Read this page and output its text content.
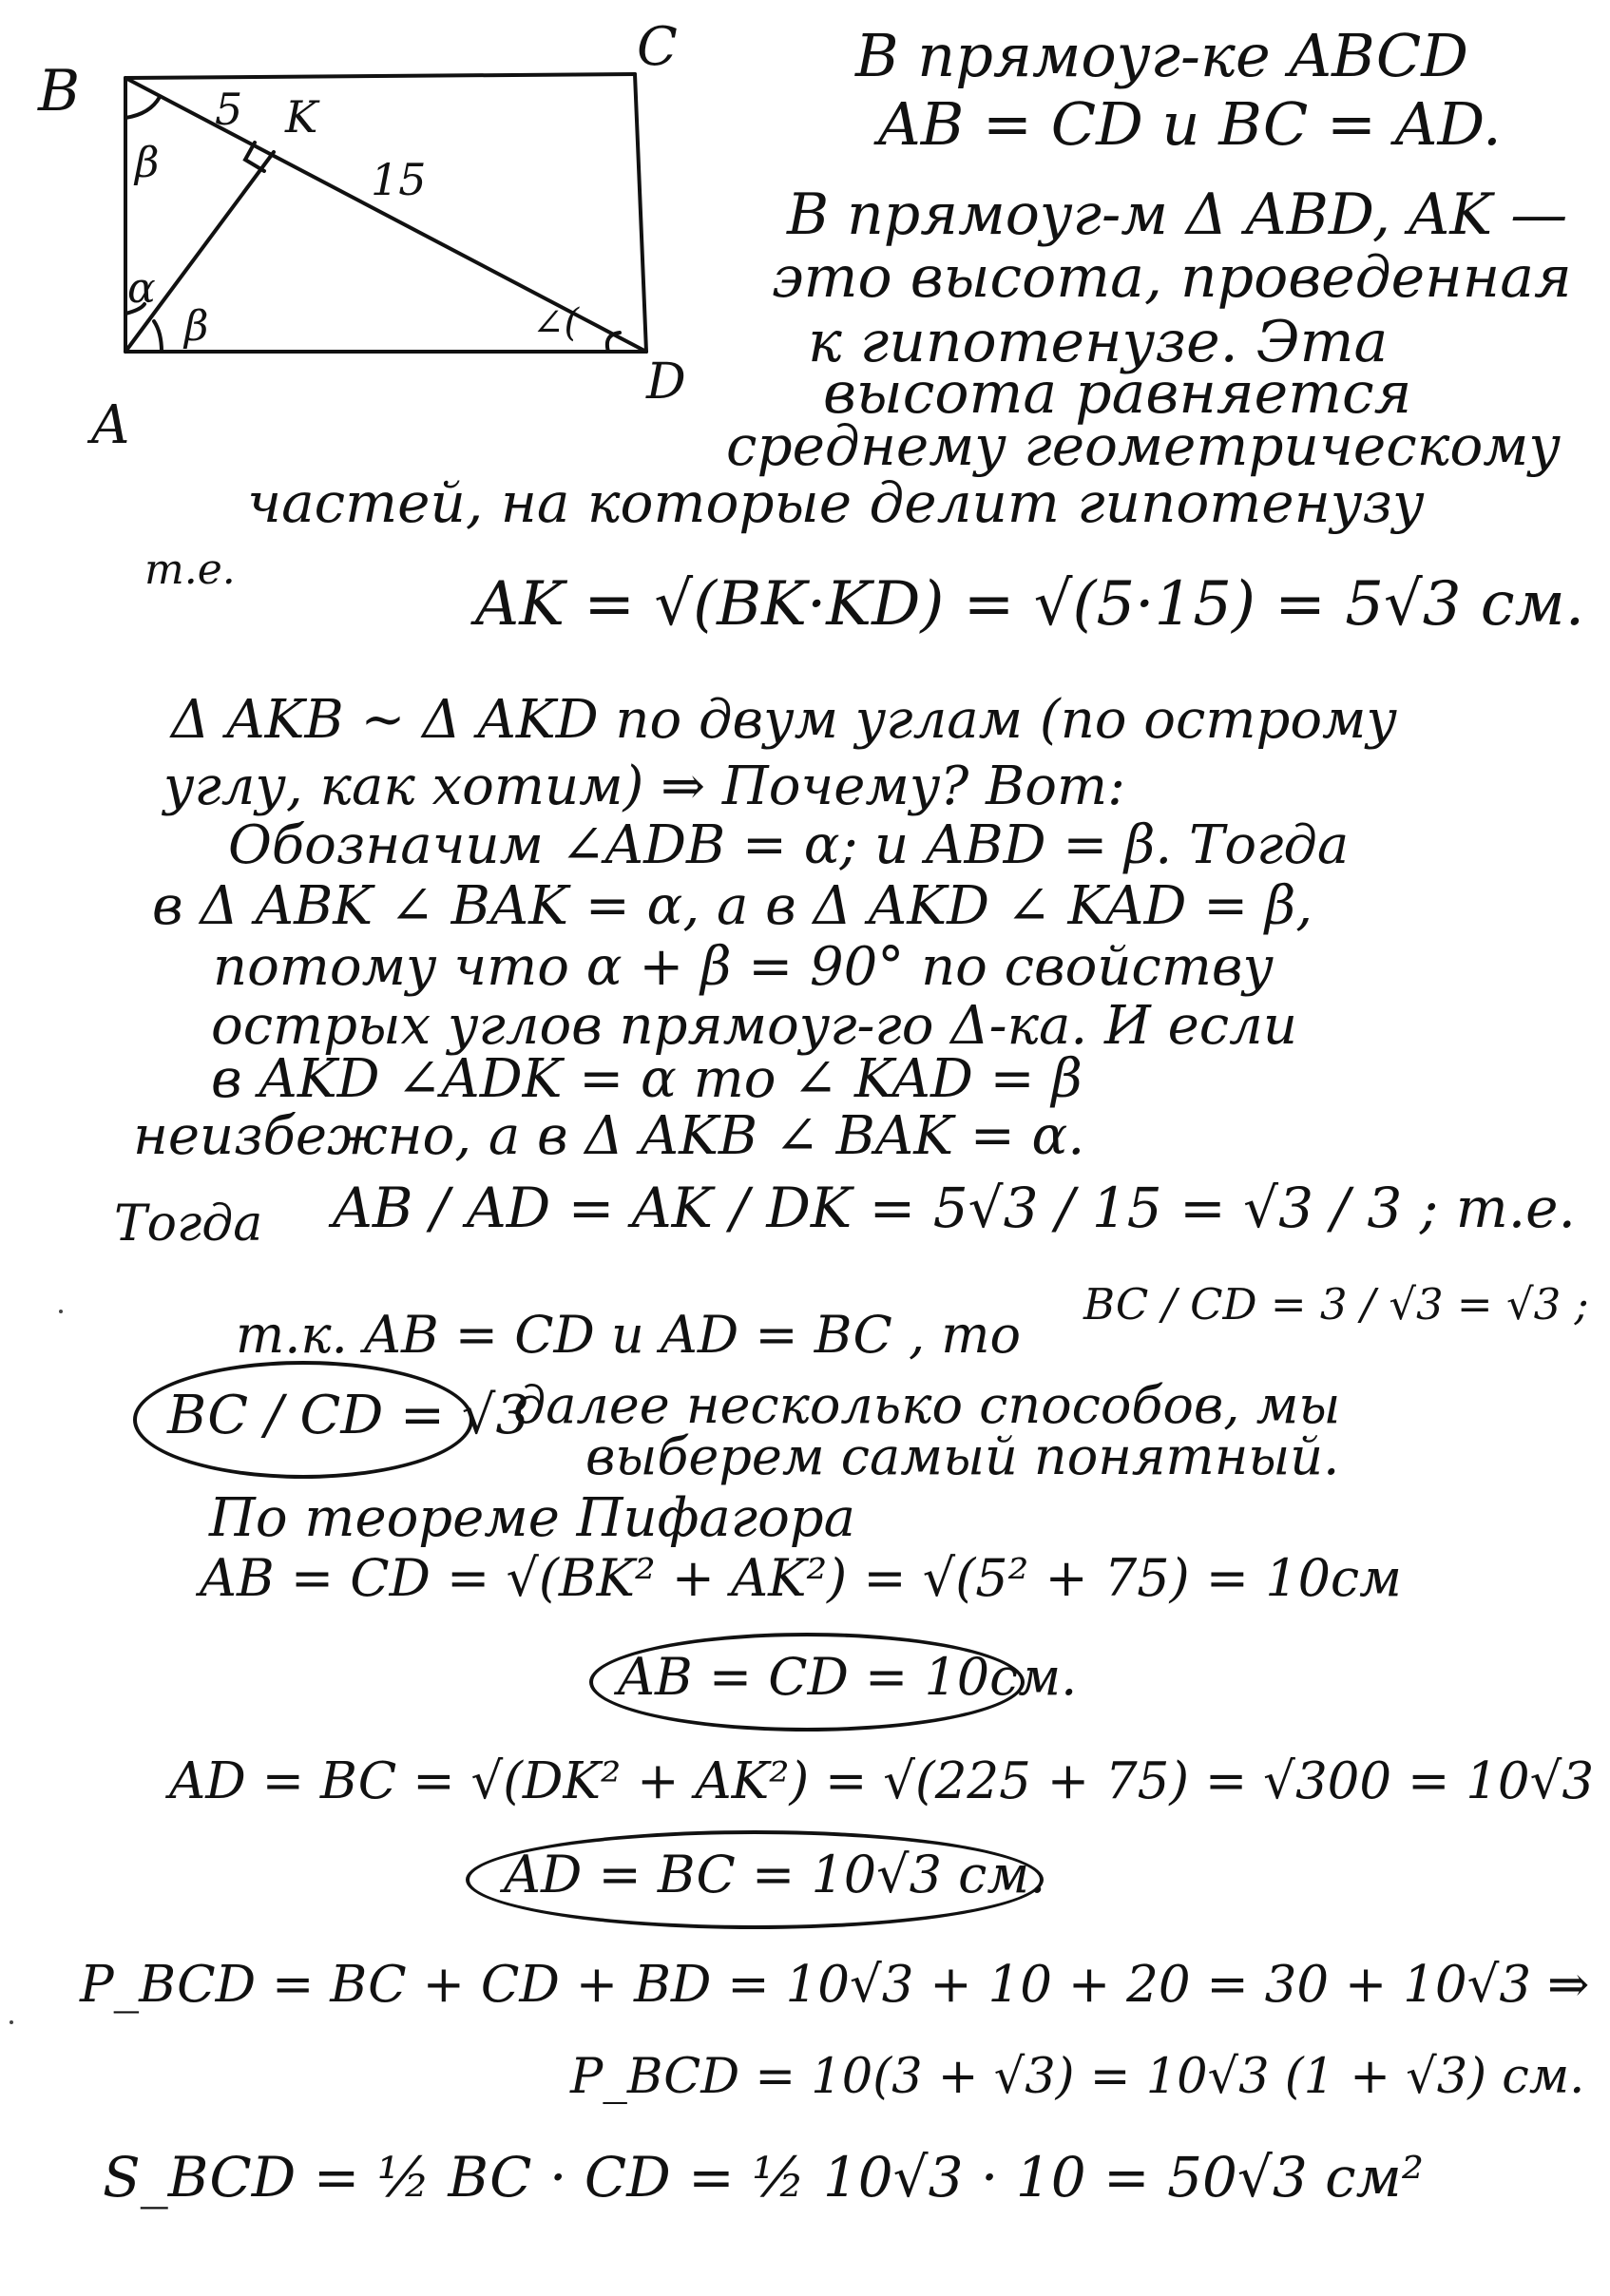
B
C
A
D
K
5
15
β
α
β	∠(
В прямоуг-ке ABCD
AB = CD и BC = AD.
В прямоуг-м Δ ABD, AK —
это высота, проведенная
к гипотенузе. Эта
высота равняется
среднему геометрическому
частей, на которые делит гипотенузу
т.е.	AK = √(BK·KD) = √(5·15) = 5√3 см.
Δ AKB ~ Δ AKD по двум углам (по острому
углу, как хотим) ⇒ Почему? Вот:
Обозначим ∠ADB = α; и ABD = β. Тогда
в Δ ABK ∠ BAK = α, а в Δ AKD ∠ KAD = β,
потому что α + β = 90° по свойству
острых углов прямоуг-го Δ-ка. И если
в AKD ∠ADK = α то ∠ KAD = β
неизбежно, а в Δ AKB ∠ BAK = α.
Тогда AB / AD = AK / DK = 5√3 / 15 = √3 / 3 ; т.е.
т.к. AB = CD и AD = BC , то
BC / CD = 3 / √3 = √3 ;
BC / CD = √3
далее несколько способов, мы
выберем самый понятный.
По теореме Пифагора
AB = CD = √(BK² + AK²) = √(5² + 75) = 10см
AB = CD = 10см.
AD = BC = √(DK² + AK²) = √(225 + 75) = √300 = 10√3
AD = BC = 10√3 см.
P_BCD = BC + CD + BD = 10√3 + 10 + 20 = 30 + 10√3 ⇒
P_BCD = 10(3 + √3) = 10√3 (1 + √3) см.
S_BCD = ½ BC · CD = ½ 10√3 · 10 = 50√3 см²
